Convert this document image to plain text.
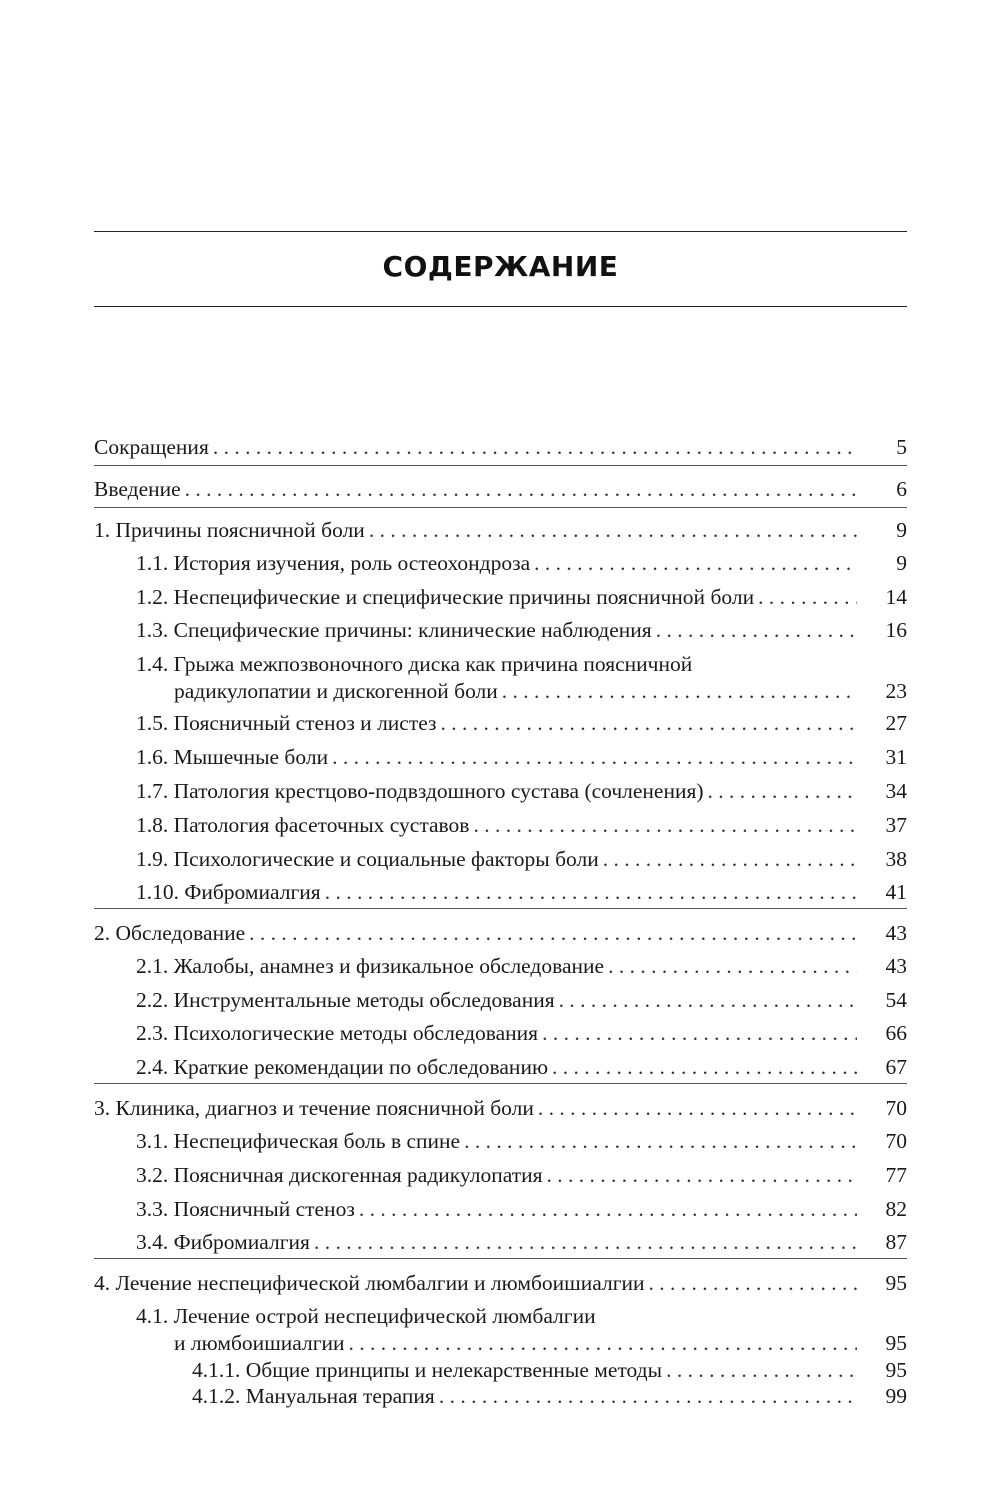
СОДЕРЖАНИЕ
Сокращения . . .	5
Введение . . .	6
1. Причины поясничной боли . . .	9
1.1. История изучения, роль остеохондроза . . .	9
1.2. Неспецифические и специфические причины поясничной боли . . .	14
1.3. Специфические причины: клинические наблюдения . . .	16
1.4. Грыжа межпозвоночного диска как причина поясничной
радикулопатии и дискогенной боли . . .	23
1.5. Поясничный стеноз и листез . . .	27
1.6. Мышечные боли . . .	31
1.7. Патология крестцово-подвздошного сустава (сочленения) . . .	34
1.8. Патология фасеточных суставов . . .	37
1.9. Психологические и социальные факторы боли . . .	38
1.10. Фибромиалгия . . .	41
2. Обследование . . .	43
2.1. Жалобы, анамнез и физикальное обследование . . .	43
2.2. Инструментальные методы обследования . . .	54
2.3. Психологические методы обследования . . .	66
2.4. Краткие рекомендации по обследованию . . .	67
3. Клиника, диагноз и течение поясничной боли . . .	70
3.1. Неспецифическая боль в спине . . .	70
3.2. Поясничная дискогенная радикулопатия . . .	77
3.3. Поясничный стеноз . . .	82
3.4. Фибромиалгия . . .	87
4. Лечение неспецифической люмбалгии и люмбоишиалгии . . .	95
4.1. Лечение острой неспецифической люмбалгии
и люмбоишиалгии . . .	95
4.1.1. Общие принципы и нелекарственные методы . . .	95
4.1.2. Мануальная терапия . . .	99
